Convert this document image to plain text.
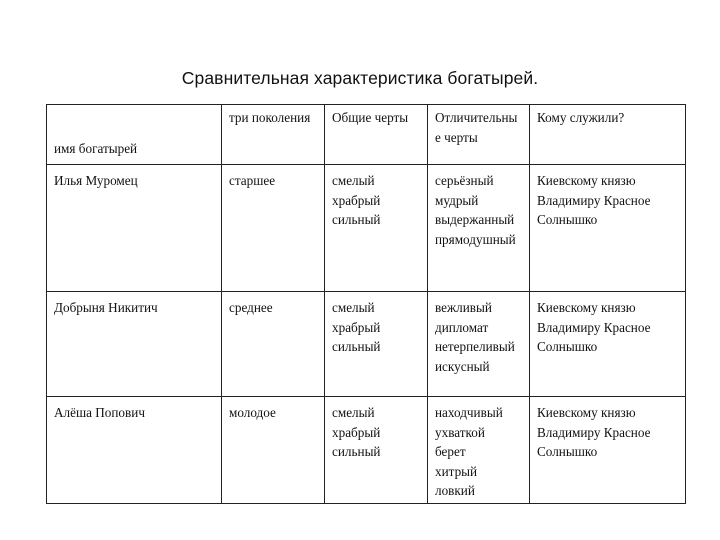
Сравнительная характеристика богатырей.
имя богатырей	три поколения	Общие черты	Отличительные черты	Кому служили?
Илья Муромец	старшее	смелый
храбрый
сильный	серьёзный
мудрый
выдержанный
прямодушный	Киевскому князю
Владимиру Красное
Солнышко

Добрыня Никитич	среднее	смелый
храбрый
сильный	вежливый
дипломат
нетерпеливый
искусный	Киевскому князю
Владимиру Красное
Солнышко

Алёша Попович	молодое	смелый
храбрый
сильный	находчивый
ухваткой
берет
хитрый
ловкий	Киевскому князю
Владимиру Красное
Солнышко
